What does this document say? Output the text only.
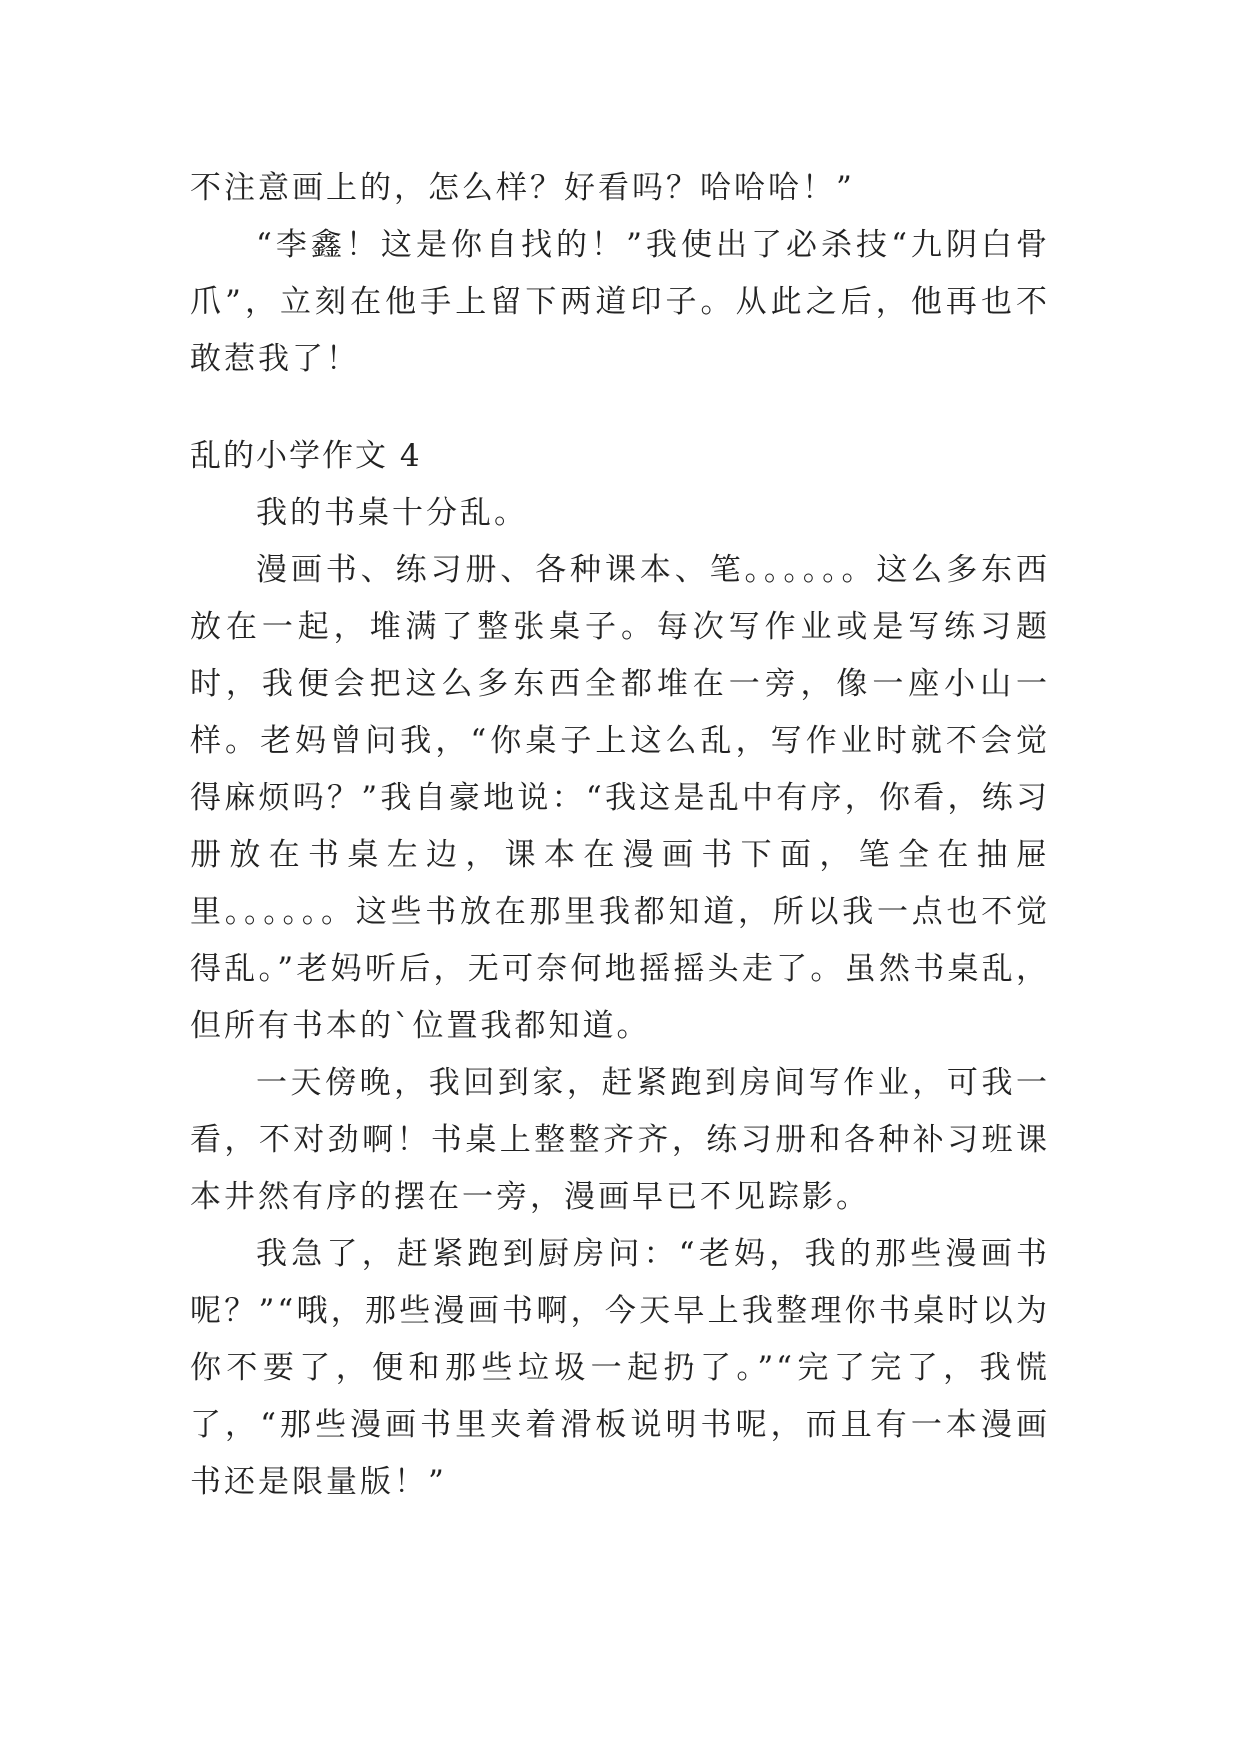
不注意画上的，怎么样？好看吗？哈哈哈！”

“李鑫！这是你自找的！”我使出了必杀技“九阴白骨爪”，立刻在他手上留下两道印子。从此之后，他再也不敢惹我了！

乱的小学作文 4

我的书桌十分乱。

漫画书、练习册、各种课本、笔。。。。。。这么多东西放在一起，堆满了整张桌子。每次写作业或是写练习题时，我便会把这么多东西全都堆在一旁，像一座小山一样。老妈曾问我，“你桌子上这么乱，写作业时就不会觉得麻烦吗？”我自豪地说：“我这是乱中有序，你看，练习册放在书桌左边，课本在漫画书下面，笔全在抽屉里。。。。。。这些书放在那里我都知道，所以我一点也不觉得乱。”老妈听后，无可奈何地摇摇头走了。虽然书桌乱，但所有书本的`位置我都知道。

一天傍晚，我回到家，赶紧跑到房间写作业，可我一看，不对劲啊！书桌上整整齐齐，练习册和各种补习班课本井然有序的摆在一旁，漫画早已不见踪影。

我急了，赶紧跑到厨房问：“老妈，我的那些漫画书呢？”“哦，那些漫画书啊，今天早上我整理你书桌时以为你不要了，便和那些垃圾一起扔了。”“完了完了，我慌了，“那些漫画书里夹着滑板说明书呢，而且有一本漫画书还是限量版！”
